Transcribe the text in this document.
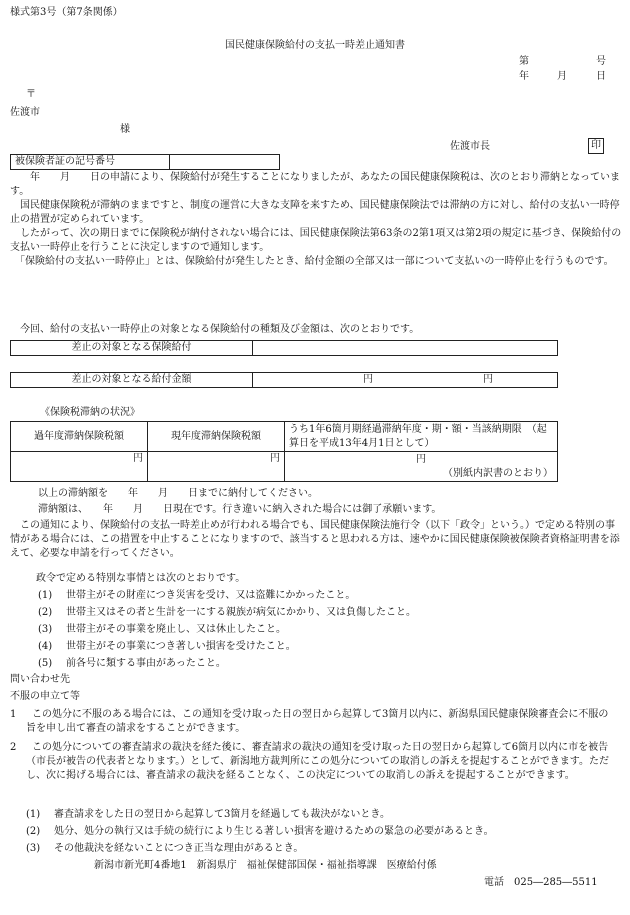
様式第3号（第7条関係）
国民健康保険給付の支払一時差止通知書
第	号
年	月	日
〒
佐渡市
様
佐渡市長	印
被保険者証の記号番号	

　　年　　月　　日の申請により、保険給付が発生することになりましたが、あなたの国民健康保険税は、次のとおり滞納となっています。

　国民健康保険税が滞納のままですと、制度の運営に大きな支障を来すため、国民健康保険法では滞納の方に対し、給付の支払い一時停止の措置が定められています。

　したがって、次の期日までに保険税が納付されない場合には、国民健康保険法第63条の2第1項又は第2項の規定に基づき、保険給付の支払い一時停止を行うことに決定しますので通知します。

　「保険給付の支払い一時停止」とは、保険給付が発生したとき、給付金額の全部又は一部について支払いの一時停止を行うものです。

　今回、給付の支払い一時停止の対象となる保険給付の種類及び金額は、次のとおりです。
差止の対象となる保険給付	
差止の対象となる給付金額	円	円

《保険税滞納の状況》
過年度滞納保険税額	現年度滞納保険税額	うち1年6箇月期経過滞納年度・期・額・当該納期限　（起算日を平成13年4月1日として）
円	円	円
（別紙内訳書のとおり）
以上の滞納額を　　年　　月　　日までに納付してください。
滞納額は、　　年　　月　　日現在です。行き違いに納入された場合には御了承願います。

　この通知により、保険給付の支払一時差止めが行われる場合でも、国民健康保険法施行令（以下「政令」という。）で定める特別の事情がある場合には、この措置を中止することになりますので、該当すると思われる方は、速やかに国民健康保険被保険者資格証明書を添えて、必要な申請を行ってください。

　政令で定める特別な事情とは次のとおりです。
(1) 世帯主がその財産につき災害を受け、又は盗難にかかったこと。
(2) 世帯主又はその者と生計を一にする親族が病気にかかり、又は負傷したこと。
(3) 世帯主がその事業を廃止し、又は休止したこと。
(4) 世帯主がその事業につき著しい損害を受けたこと。
(5) 前各号に類する事由があったこと。
問い合わせ先
不服の申立て等
1	この処分に不服のある場合には、この通知を受け取った日の翌日から起算して3箇月以内に、新潟県国民健康保険審査会に不服の旨を申し出て審査の請求をすることができます。
2	この処分についての審査請求の裁決を経た後に、審査請求の裁決の通知を受け取った日の翌日から起算して6箇月以内に市を被告（市長が被告の代表者となります。）として、新潟地方裁判所にこの処分についての取消しの訴えを提起することができます。ただし、次に掲げる場合には、審査請求の裁決を経ることなく、この決定についての取消しの訴えを提起することができます。
(1) 審査請求をした日の翌日から起算して3箇月を経過しても裁決がないとき。
(2) 処分、処分の執行又は手続の続行により生じる著しい損害を避けるための緊急の必要があるとき。
(3) その他裁決を経ないことにつき正当な理由があるとき。
新潟市新光町4番地1　新潟県庁　福祉保健部国保・福祉指導課　医療給付係
電話　025―285―5511
